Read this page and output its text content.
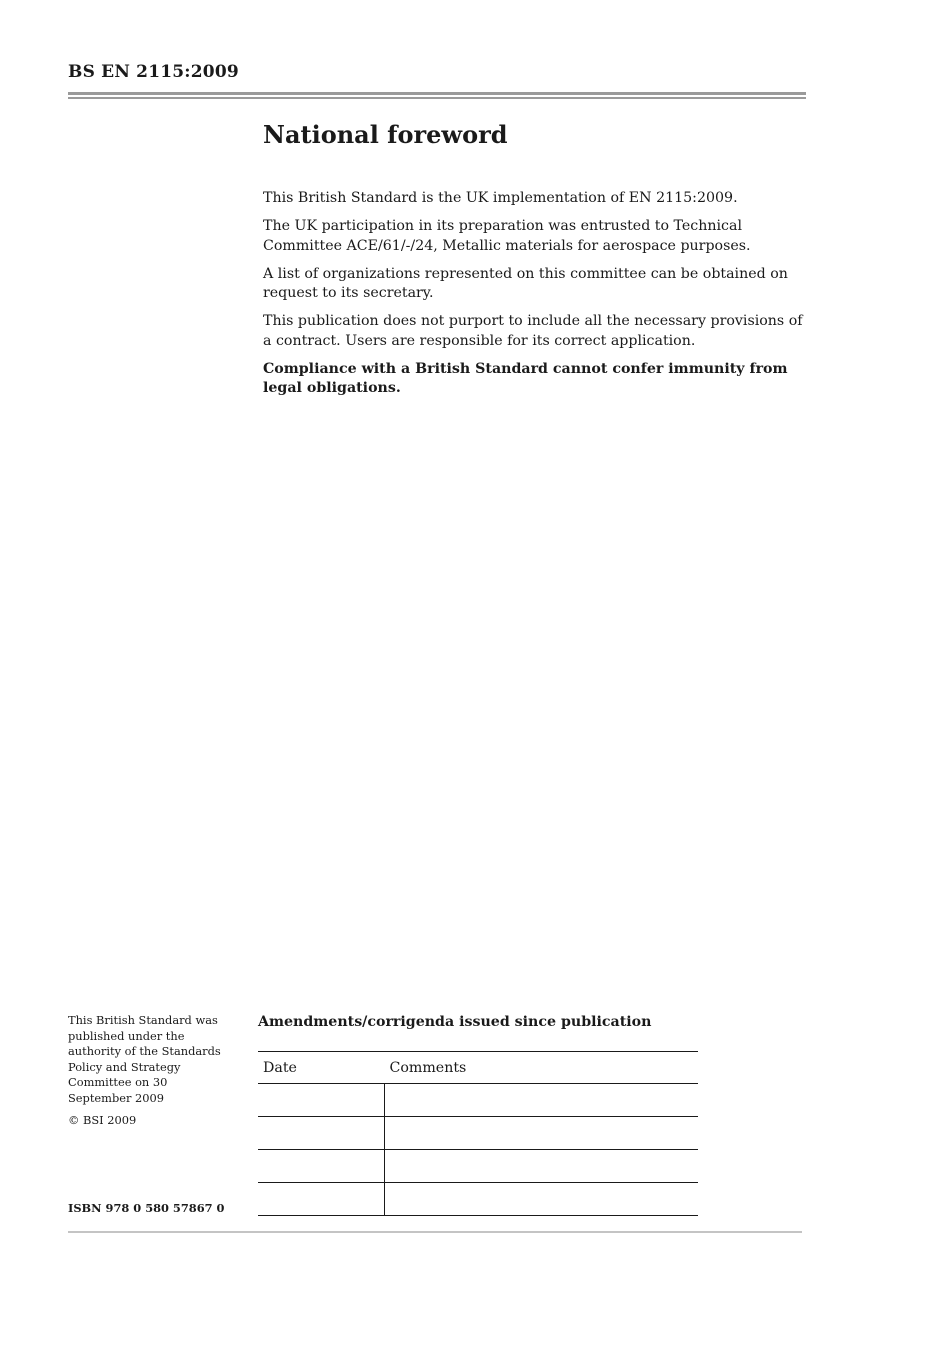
BS EN 2115:2009
National foreword

This British Standard is the UK implementation of EN 2115:2009.

The UK participation in its preparation was entrusted to Technical Committee ACE/61/-/24, Metallic materials for aerospace purposes.

A list of organizations represented on this committee can be obtained on request to its secretary.

This publication does not purport to include all the necessary provisions of a contract. Users are responsible for its correct application.

Compliance with a British Standard cannot confer immunity from legal obligations.

This British Standard was published under the authority of the Standards Policy and Strategy Committee on 30 September 2009

© BSI 2009

ISBN 978 0 580 57867 0
Amendments/corrigenda issued since publication
Date	Comments
